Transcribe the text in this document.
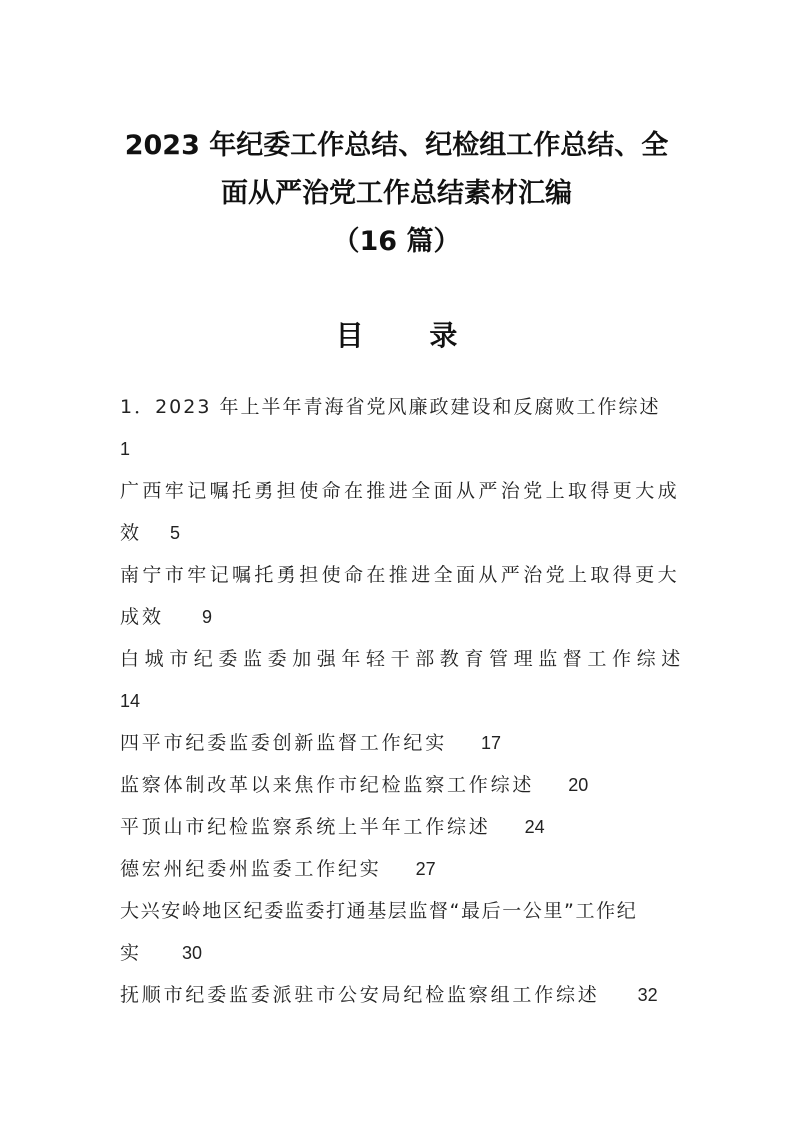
2023 年纪委工作总结、纪检组工作总结、全
面从严治党工作总结素材汇编
（16 篇）
目 录
1．2023 年上半年青海省党风廉政建设和反腐败工作综述
1
广西牢记嘱托勇担使命在推进全面从严治党上取得更大成
效 5
南宁市牢记嘱托勇担使命在推进全面从严治党上取得更大
成效 9
白城市纪委监委加强年轻干部教育管理监督工作综述
14
四平市纪委监委创新监督工作纪实 17
监察体制改革以来焦作市纪检监察工作综述 20
平顶山市纪检监察系统上半年工作综述 24
德宏州纪委州监委工作纪实 27
大兴安岭地区纪委监委打通基层监督“最后一公里”工作纪
实 30
抚顺市纪委监委派驻市公安局纪检监察组工作综述 32
